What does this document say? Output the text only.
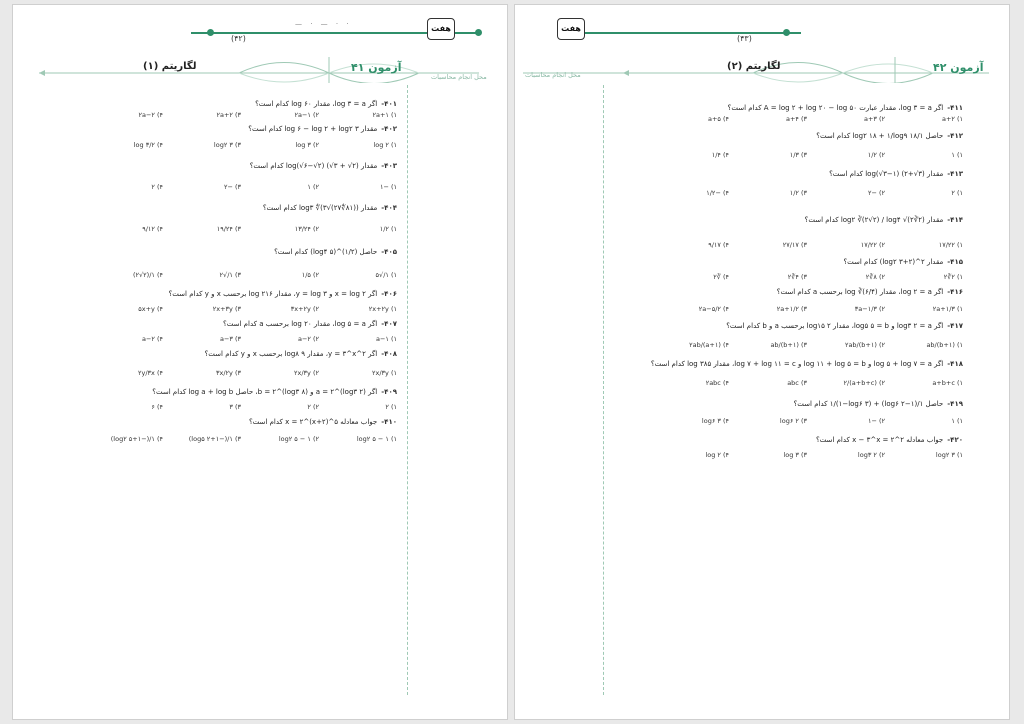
— · — · ·	هفت
(۴۲)
آزمون ۴۱
لگاریتم (۱)
محل انجام محاسبات
۴۰۱-اگر log ۳ = a، مقدار log ۶۰ کدام است؟
۱) ۲a+۱
۲) ۲a−۱
۳) ۲a+۲
۴) ۲a−۲
۴۰۲-مقدار log ۶ − log ۲ + log۲ ۳ کدام است؟
۱) log ۲
۲) log ۳
۳) log۲ ۳
۴) log ۳/۲
۴۰۳-مقدار log(√۶−√۲) (√۳ + √۲) کدام است؟
۱) −۱
۲) ۱
۳) −۲
۴) ۲
۴۰۴-مقدار log۳ ∜(۳√(۲۷∜۸۱)) کدام است؟
۱) ۱/۲
۲) ۱۳/۲۴
۳) ۱۹/۲۴
۴) ۹/۱۲
۴۰۵-حاصل (۱/۲)^(log۴ ۵) کدام است؟
۱) ۱/√۵
۲) ۱/۵
۳) ۱/√۲
۴) ۱/(۲√۲)
۴۰۶-اگر x = log ۲ و y = log ۳، مقدار log ۲۱۶ برحسب x و y کدام است؟
۱) ۲x+۲y
۲) ۳x+۲y
۳) ۲x+۳y
۴) ۵x+y
۴۰۷-اگر log ۵ = a، مقدار log ۲۰ برحسب a کدام است؟
۱) ۱−a
۲) ۲−a
۳) ۳−a
۴) ۲−a
۴۰۸-اگر ۲^y = ۳^x، مقدار log۸ ۹ برحسب x و y کدام است؟
۱) ۲x/۳y
۲) ۲x/۳y
۳) ۳x/۲y
۴) ۲y/۳x
۴۰۹-اگر a = ۲^(log۳ ۲) و b = ۲^(log۳ ۸)، حاصل log a + log b کدام است؟
۱) ۲
۲) ۲
۳) ۳
۴) ۶
۴۱۰-جواب معادله ۵^x = ۲^(x+۲) کدام است؟
۱) log۲ ۵ − ۱
۲) ۱ − log۲ ۵
۳) ۱/(−۱+log۵ ۲)
۴) ۱/(−۱+log۲ ۵)
هفت
(۴۳)
آزمون ۴۲
لگاریتم (۲)
محل انجام محاسبات
۴۱۱-اگر log ۳ = a، مقدار عبارت A = log ۲ + log ۲۰ − log ۵۰ کدام است؟
۱) a+۲
۲) a+۳
۳) a+۴
۴) a+۵
۴۱۲-حاصل ۱/log۲ ۱۸ + ۱/log۹ ۱۸ کدام است؟
۱) ۱
۲) ۱/۲
۳) ۱/۳
۴) ۱/۴
۴۱۳-مقدار log(√۳−۱) (۲+√۳) کدام است؟
۱) ۲
۲) −۲
۳) ۱/۲
۴) −۱/۲
۴۱۴-مقدار log۲ ∛(۲√۲) / log۴ √(۲∛۲) کدام است؟
۱) ۱۷/۲۲
۲) ۱۷/۲۲
۳) ۲۷/۱۷
۴) ۹/۱۷
۴۱۵-مقدار ۲^(۲+log۲ ۳) کدام است؟
۱) ۲∛۲
۲) ۸∛۲
۳) ۴∛۲
۴) ∛۲
۴۱۶-اگر log ۲ = a، مقدار log ∛(۶/۴) برحسب a کدام است؟
۱) ۲a+۱/۳
۲) ۳a−۱/۳
۳) ۲a+۱/۲
۴) ۲a−۵/۲
۴۱۷-اگر log۳ ۲ = a و log۵ ۵ = b، مقدار log۱۵ ۲ برحسب a و b کدام است؟
۱) ab/(b+۱)
۲) ۲ab/(b+۱)
۳) (b+۱)/ab
۴) ۲ab/(a+۱)
۴۱۸-اگر log ۵ + log ۷ = a و log ۱۱ + log ۵ = b و log ۷ + log ۱۱ = c، مقدار log ۳۸۵ کدام است؟
۱) a+b+c
۲) (a+b+c)/۲
۳) abc
۴) ۲abc
۴۱۹-حاصل ۱/(۱−log۶ ۲) + ۱/(۱−log۶ ۳) کدام است؟
۱) ۱
۲) −۱
۳) log۶ ۲
۴) log۶ ۳
۴۲۰-جواب معادله ۲^x − ۳^x = ۲ کدام است؟
۱) log۲ ۳
۲) log۳ ۲
۳) log ۳
۴) log ۲
